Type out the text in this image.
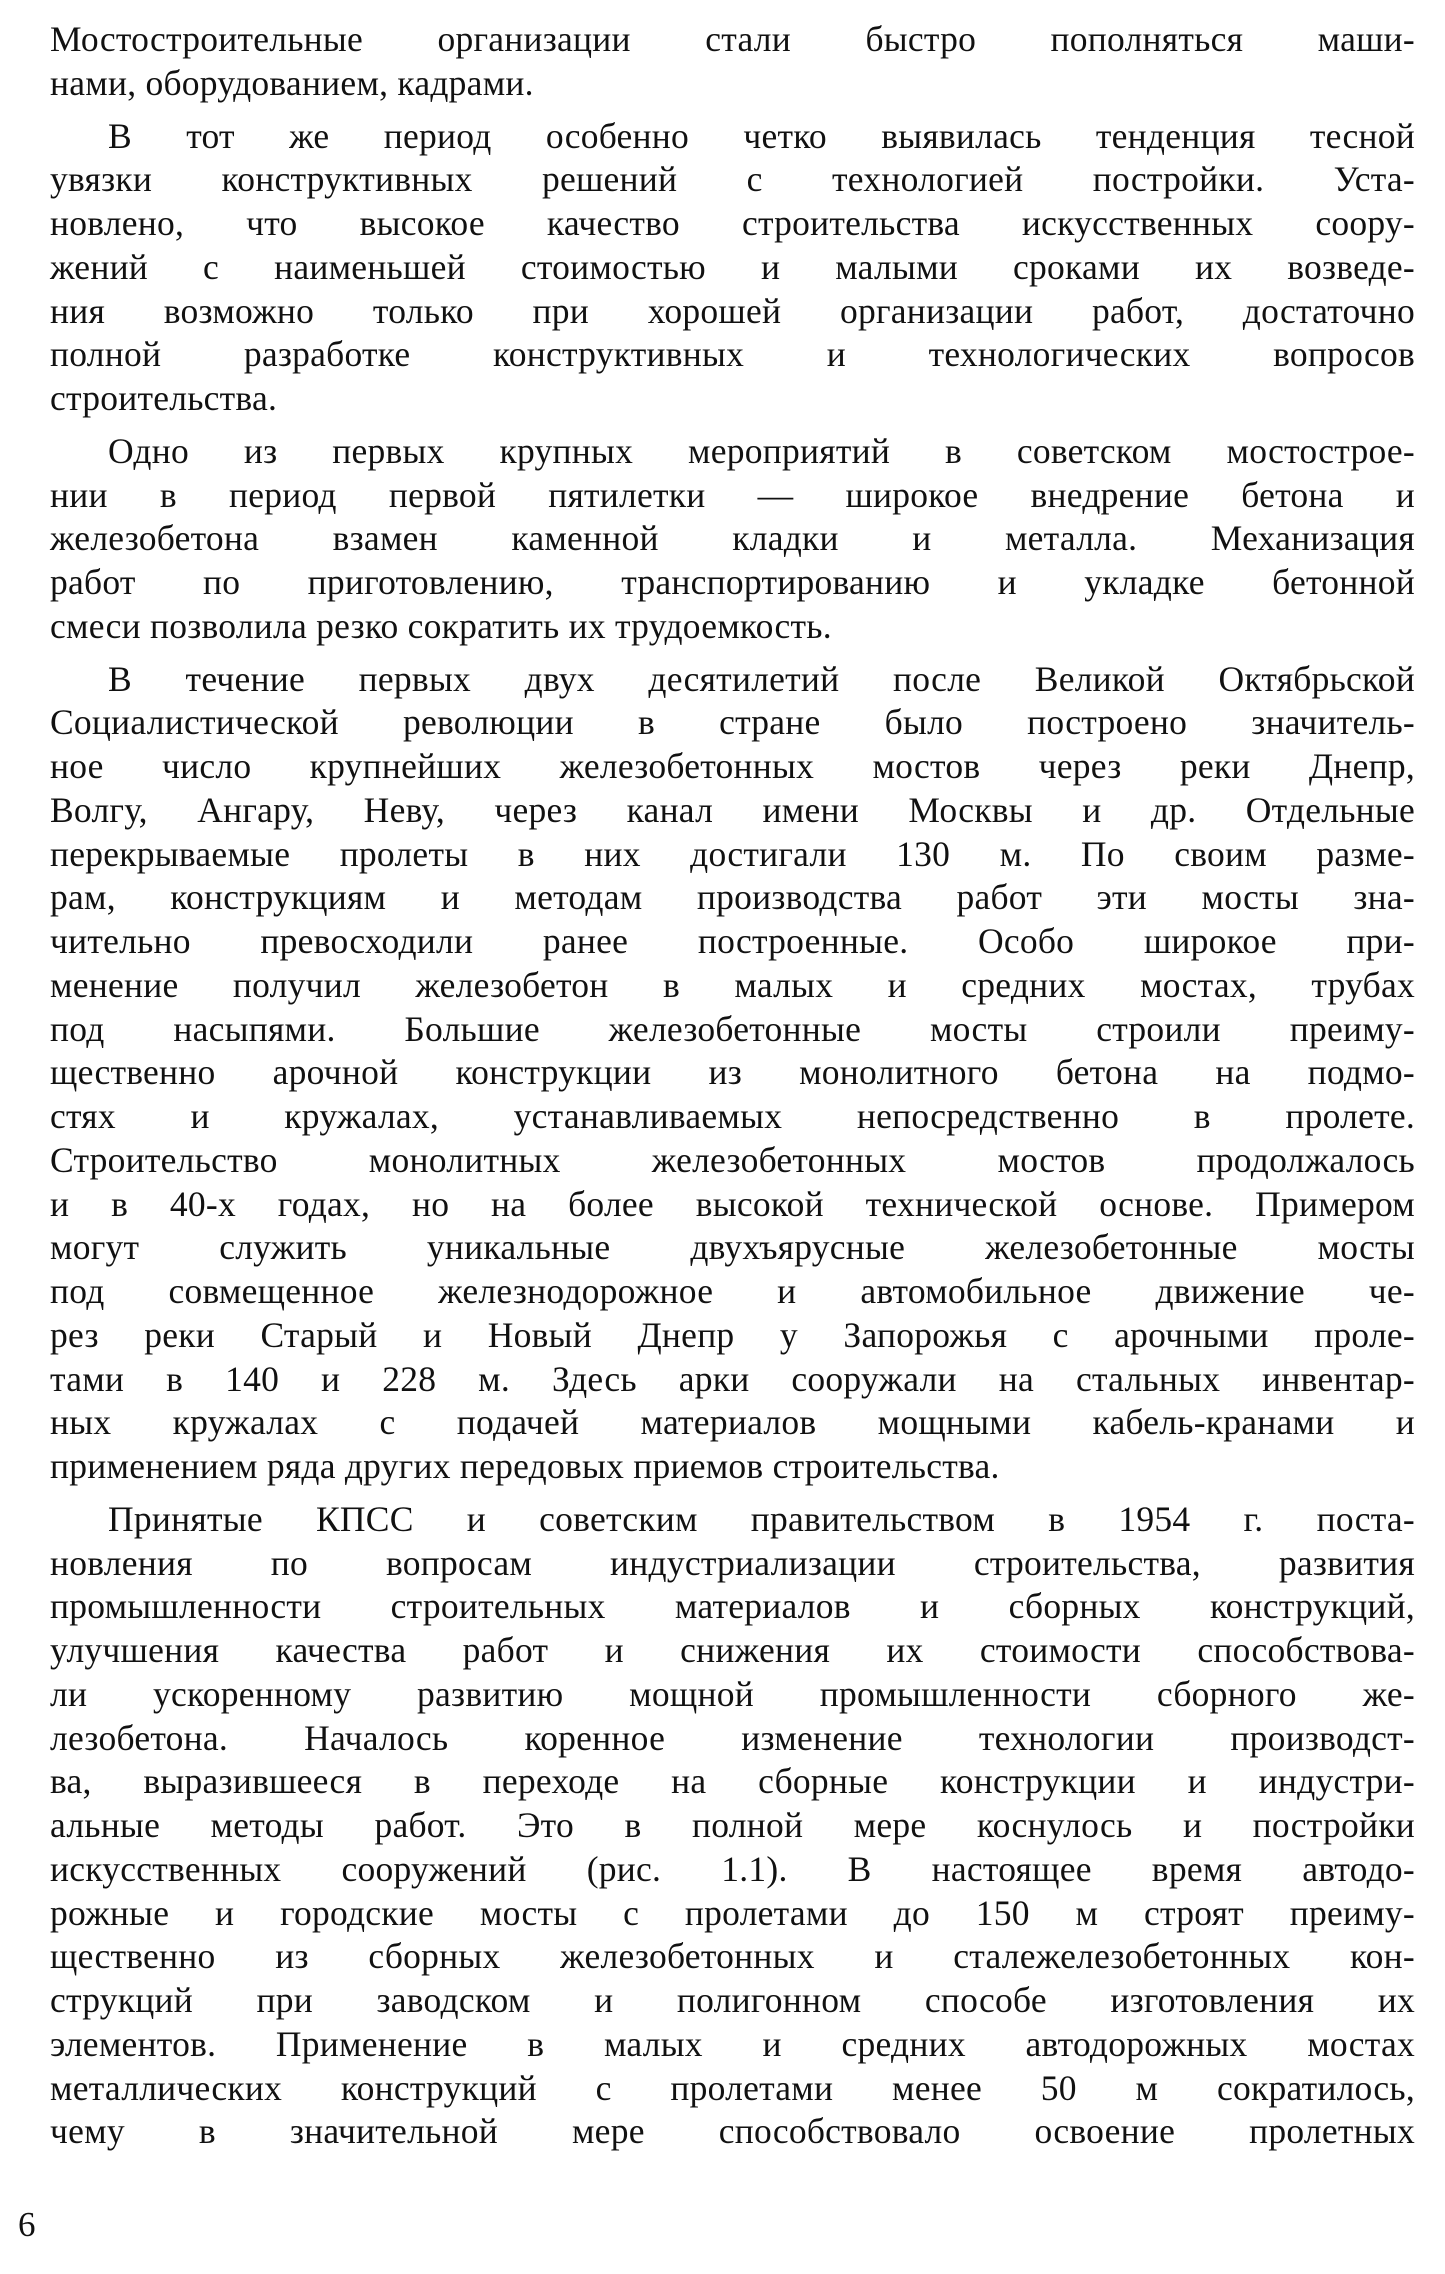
Мостостроительные организации стали быстро пополняться маши-
нами, оборудованием, кадрами.
В тот же период особенно четко выявилась тенденция тесной
увязки конструктивных решений с технологией постройки. Уста-
новлено, что высокое качество строительства искусственных соору-
жений с наименьшей стоимостью и малыми сроками их возведе-
ния возможно только при хорошей организации работ, достаточно
полной разработке конструктивных и технологических вопросов
строительства.
Одно из первых крупных мероприятий в советском мостострое-
нии в период первой пятилетки — широкое внедрение бетона и
железобетона взамен каменной кладки и металла. Механизация
работ по приготовлению, транспортированию и укладке бетонной
смеси позволила резко сократить их трудоемкость.
В течение первых двух десятилетий после Великой Октябрьской
Социалистической революции в стране было построено значитель-
ное число крупнейших железобетонных мостов через реки Днепр,
Волгу, Ангару, Неву, через канал имени Москвы и др. Отдельные
перекрываемые пролеты в них достигали 130 м. По своим разме-
рам, конструкциям и методам производства работ эти мосты зна-
чительно превосходили ранее построенные. Особо широкое при-
менение получил железобетон в малых и средних мостах, трубах
под насыпями. Большие железобетонные мосты строили преиму-
щественно арочной конструкции из монолитного бетона на подмо-
стях и кружалах, устанавливаемых непосредственно в пролете.
Строительство монолитных железобетонных мостов продолжалось
и в 40-х годах, но на более высокой технической основе. Примером
могут служить уникальные двухъярусные железобетонные мосты
под совмещенное железнодорожное и автомобильное движение че-
рез реки Старый и Новый Днепр у Запорожья с арочными проле-
тами в 140 и 228 м. Здесь арки сооружали на стальных инвентар-
ных кружалах с подачей материалов мощными кабель-кранами и
применением ряда других передовых приемов строительства.
Принятые КПСС и советским правительством в 1954 г. поста-
новления по вопросам индустриализации строительства, развития
промышленности строительных материалов и сборных конструкций,
улучшения качества работ и снижения их стоимости способствова-
ли ускоренному развитию мощной промышленности сборного же-
лезобетона. Началось коренное изменение технологии производст-
ва, выразившееся в переходе на сборные конструкции и индустри-
альные методы работ. Это в полной мере коснулось и постройки
искусственных сооружений (рис. 1.1). В настоящее время автодо-
рожные и городские мосты с пролетами до 150 м строят преиму-
щественно из сборных железобетонных и сталежелезобетонных кон-
струкций при заводском и полигонном способе изготовления их
элементов. Применение в малых и средних автодорожных мостах
металлических конструкций с пролетами менее 50 м сократилось,
чему в значительной мере способствовало освоение пролетных
6
